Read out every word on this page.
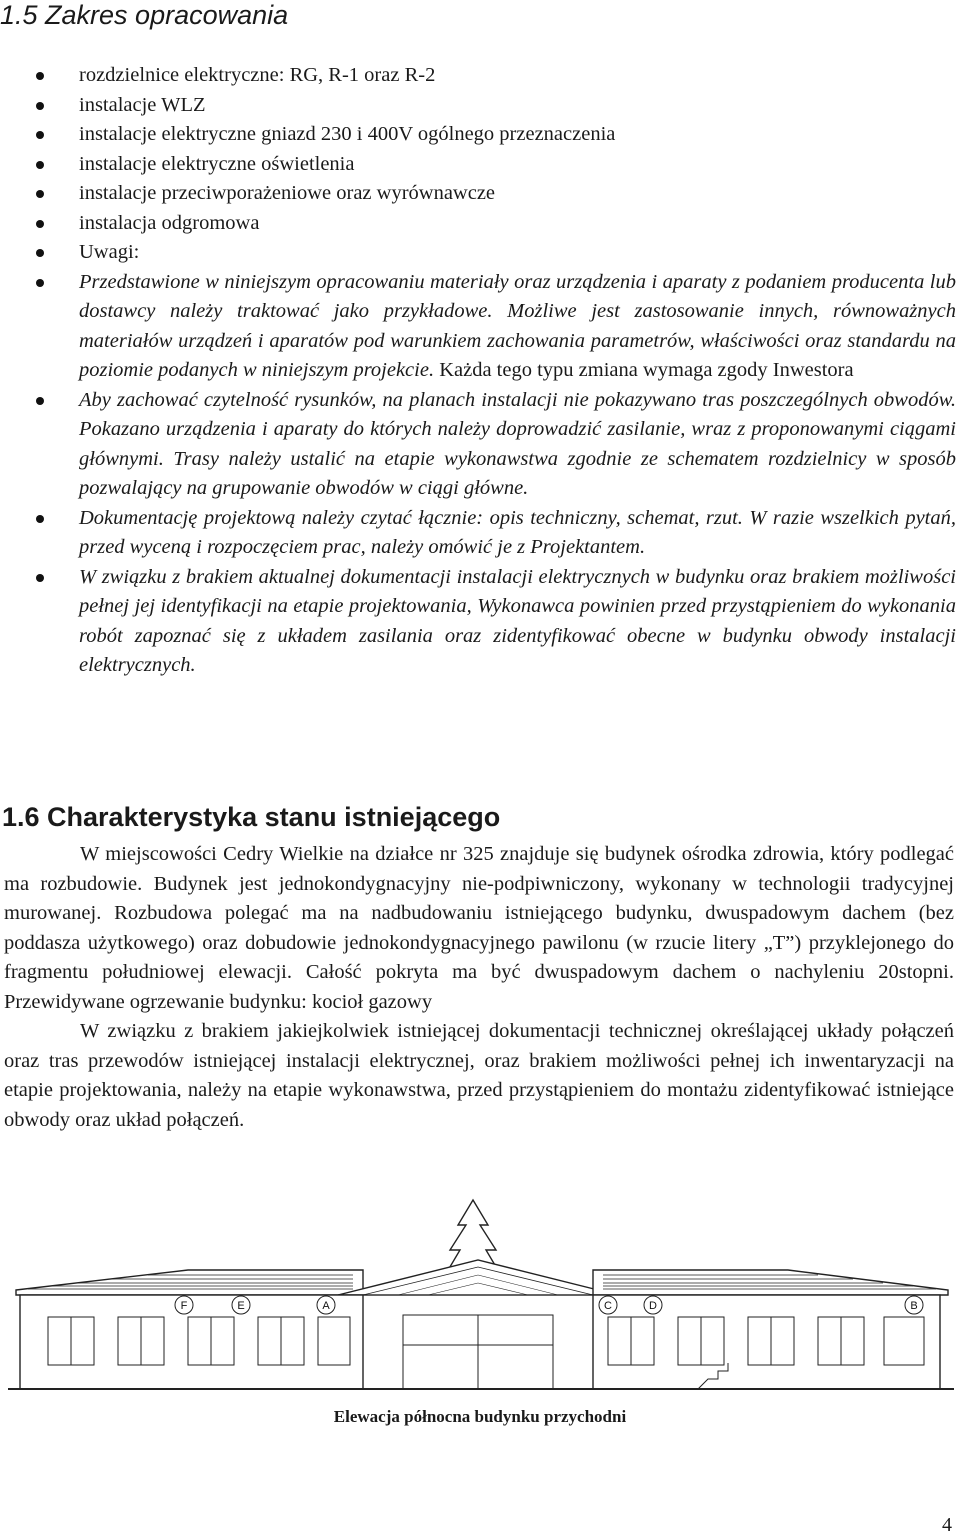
1.5 Zakres opracowania
rozdzielnice elektryczne: RG, R-1 oraz R-2
instalacje WLZ
instalacje elektryczne gniazd 230 i 400V ogólnego przeznaczenia
instalacje elektryczne oświetlenia
instalacje przeciwporażeniowe oraz wyrównawcze
instalacja odgromowa
Uwagi:
Przedstawione w niniejszym opracowaniu materiały oraz urządzenia i aparaty z podaniem producenta lub dostawcy należy traktować jako przykładowe. Możliwe jest zastosowanie innych, równoważnych materiałów urządzeń i aparatów pod warunkiem zachowania parametrów, właściwości oraz standardu na poziomie podanych w niniejszym projekcie. Każda tego typu zmiana wymaga zgody Inwestora
Aby zachować czytelność rysunków, na planach instalacji nie pokazywano tras poszczególnych obwodów. Pokazano urządzenia i aparaty do których należy doprowadzić zasilanie, wraz z proponowanymi ciągami głównymi. Trasy należy ustalić na etapie wykonawstwa zgodnie ze schematem rozdzielnicy w sposób pozwalający na grupowanie obwodów w ciągi główne.
Dokumentację projektową należy czytać łącznie: opis techniczny, schemat, rzut. W razie wszelkich pytań, przed wyceną i rozpoczęciem prac, należy omówić je z Projektantem.
W związku z brakiem aktualnej dokumentacji instalacji elektrycznych w budynku oraz brakiem możliwości pełnej jej identyfikacji na etapie projektowania, Wykonawca powinien przed przystąpieniem do wykonania robót zapoznać się z układem zasilania oraz zidentyfikować obecne w budynku obwody instalacji elektrycznych.
1.6 Charakterystyka stanu istniejącego

W miejscowości Cedry Wielkie na działce nr 325 znajduje się budynek ośrodka zdrowia, który podlegać ma rozbudowie. Budynek jest jednokondygnacyjny nie-podpiwniczony, wykonany w technologii tradycyjnej murowanej. Rozbudowa polegać ma na nadbudowaniu istniejącego budynku, dwuspadowym dachem (bez poddasza użytkowego) oraz dobudowie jednokondygnacyjnego pawilonu (w rzucie litery „T”) przyklejonego do fragmentu południowej elewacji. Całość pokryta ma być dwuspadowym dachem o nachyleniu 20stopni. Przewidywane ogrzewanie budynku: kocioł gazowy

W związku z brakiem jakiejkolwiek istniejącej dokumentacji technicznej określającej układy połączeń oraz tras przewodów istniejącej instalacji elektrycznej, oraz brakiem możliwości pełnej ich inwentaryzacji na etapie projektowania, należy na etapie wykonawstwa, przed przystąpieniem do montażu zidentyfikować istniejące obwody oraz układ połączeń.

F	E	A	C	D	B
Elewacja północna budynku przychodni
4
